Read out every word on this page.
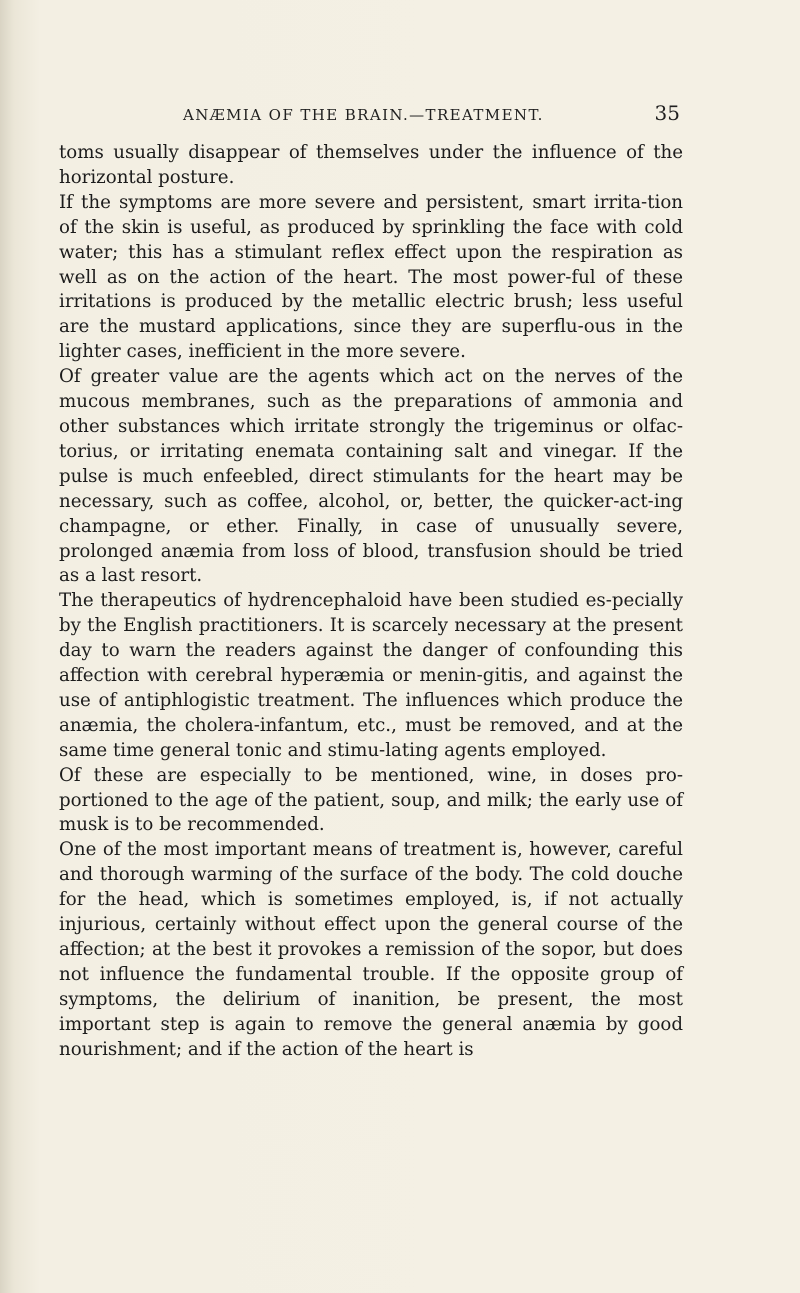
ANÆMIA OF THE BRAIN.—TREATMENT.	35

toms usually disappear of themselves under the influence of the horizontal posture.

If the symptoms are more severe and persistent, smart irrita-tion of the skin is useful, as produced by sprinkling the face with cold water; this has a stimulant reflex effect upon the respiration as well as on the action of the heart. The most power-ful of these irritations is produced by the metallic electric brush; less useful are the mustard applications, since they are superflu-ous in the lighter cases, inefficient in the more severe.

Of greater value are the agents which act on the nerves of the mucous membranes, such as the preparations of ammonia and other substances which irritate strongly the trigeminus or olfac-torius, or irritating enemata containing salt and vinegar. If the pulse is much enfeebled, direct stimulants for the heart may be necessary, such as coffee, alcohol, or, better, the quicker-act-ing champagne, or ether. Finally, in case of unusually severe, prolonged anæmia from loss of blood, transfusion should be tried as a last resort.

The therapeutics of hydrencephaloid have been studied es-pecially by the English practitioners. It is scarcely necessary at the present day to warn the readers against the danger of confounding this affection with cerebral hyperæmia or menin-gitis, and against the use of antiphlogistic treatment. The influences which produce the anæmia, the cholera-infantum, etc., must be removed, and at the same time general tonic and stimu-lating agents employed.

Of these are especially to be mentioned, wine, in doses pro-portioned to the age of the patient, soup, and milk; the early use of musk is to be recommended.

One of the most important means of treatment is, however, careful and thorough warming of the surface of the body. The cold douche for the head, which is sometimes employed, is, if not actually injurious, certainly without effect upon the general course of the affection; at the best it provokes a remission of the sopor, but does not influence the fundamental trouble. If the opposite group of symptoms, the delirium of inanition, be present, the most important step is again to remove the general anæmia by good nourishment; and if the action of the heart is
